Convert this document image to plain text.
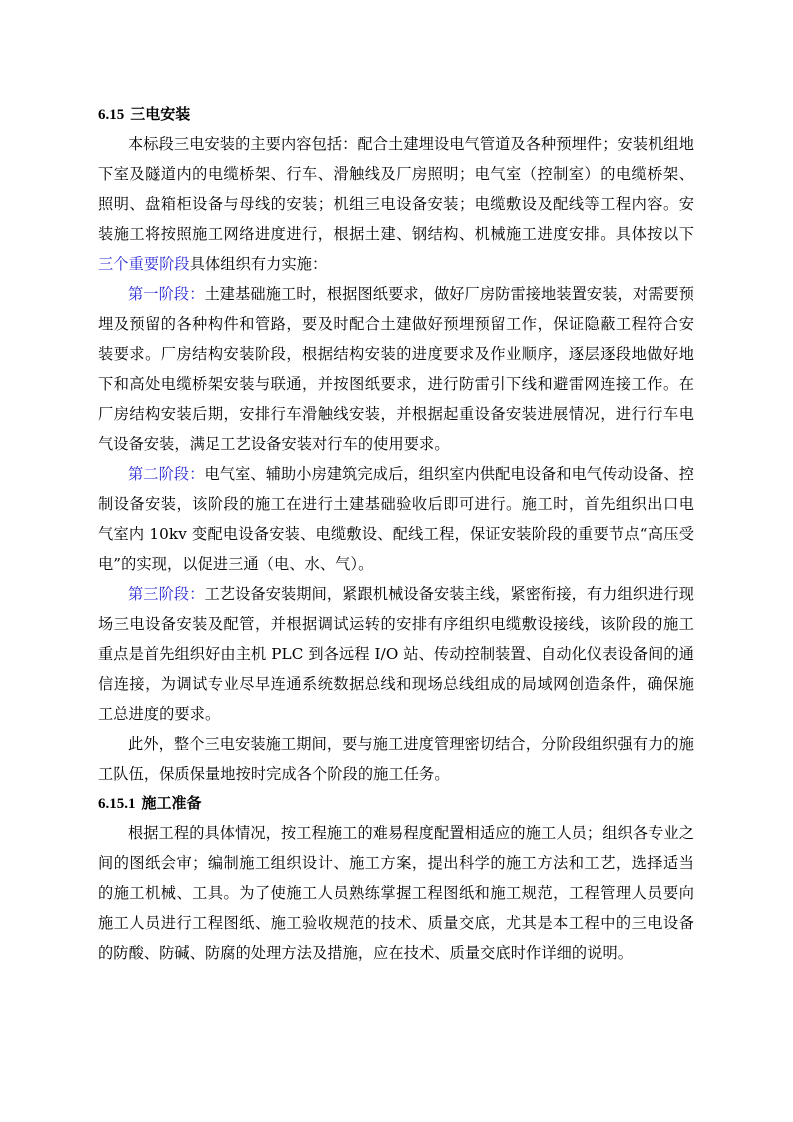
6.15 三电安装

本标段三电安装的主要内容包括：配合土建埋设电气管道及各种预埋件；安装机组地下室及隧道内的电缆桥架、行车、滑触线及厂房照明；电气室（控制室）的电缆桥架、照明、盘箱柜设备与母线的安装；机组三电设备安装；电缆敷设及配线等工程内容。安装施工将按照施工网络进度进行，根据土建、钢结构、机械施工进度安排。具体按以下三个重要阶段具体组织有力实施：

第一阶段：土建基础施工时，根据图纸要求，做好厂房防雷接地装置安装，对需要预埋及预留的各种构件和管路，要及时配合土建做好预埋预留工作，保证隐蔽工程符合安装要求。厂房结构安装阶段，根据结构安装的进度要求及作业顺序，逐层逐段地做好地下和高处电缆桥架安装与联通，并按图纸要求，进行防雷引下线和避雷网连接工作。在厂房结构安装后期，安排行车滑触线安装，并根据起重设备安装进展情况，进行行车电气设备安装，满足工艺设备安装对行车的使用要求。

第二阶段：电气室、辅助小房建筑完成后，组织室内供配电设备和电气传动设备、控制设备安装，该阶段的施工在进行土建基础验收后即可进行。施工时，首先组织出口电气室内 10kv 变配电设备安装、电缆敷设、配线工程，保证安装阶段的重要节点“高压受电”的实现，以促进三通（电、水、气）。

第三阶段：工艺设备安装期间，紧跟机械设备安装主线，紧密衔接，有力组织进行现场三电设备安装及配管，并根据调试运转的安排有序组织电缆敷设接线，该阶段的施工重点是首先组织好由主机 PLC 到各远程 I/O 站、传动控制装置、自动化仪表设备间的通信连接，为调试专业尽早连通系统数据总线和现场总线组成的局域网创造条件，确保施工总进度的要求。

此外，整个三电安装施工期间，要与施工进度管理密切结合，分阶段组织强有力的施工队伍，保质保量地按时完成各个阶段的施工任务。

6.15.1 施工准备

根据工程的具体情况，按工程施工的难易程度配置相适应的施工人员；组织各专业之间的图纸会审；编制施工组织设计、施工方案，提出科学的施工方法和工艺，选择适当的施工机械、工具。为了使施工人员熟练掌握工程图纸和施工规范，工程管理人员要向施工人员进行工程图纸、施工验收规范的技术、质量交底，尤其是本工程中的三电设备的防酸、防碱、防腐的处理方法及措施，应在技术、质量交底时作详细的说明。
